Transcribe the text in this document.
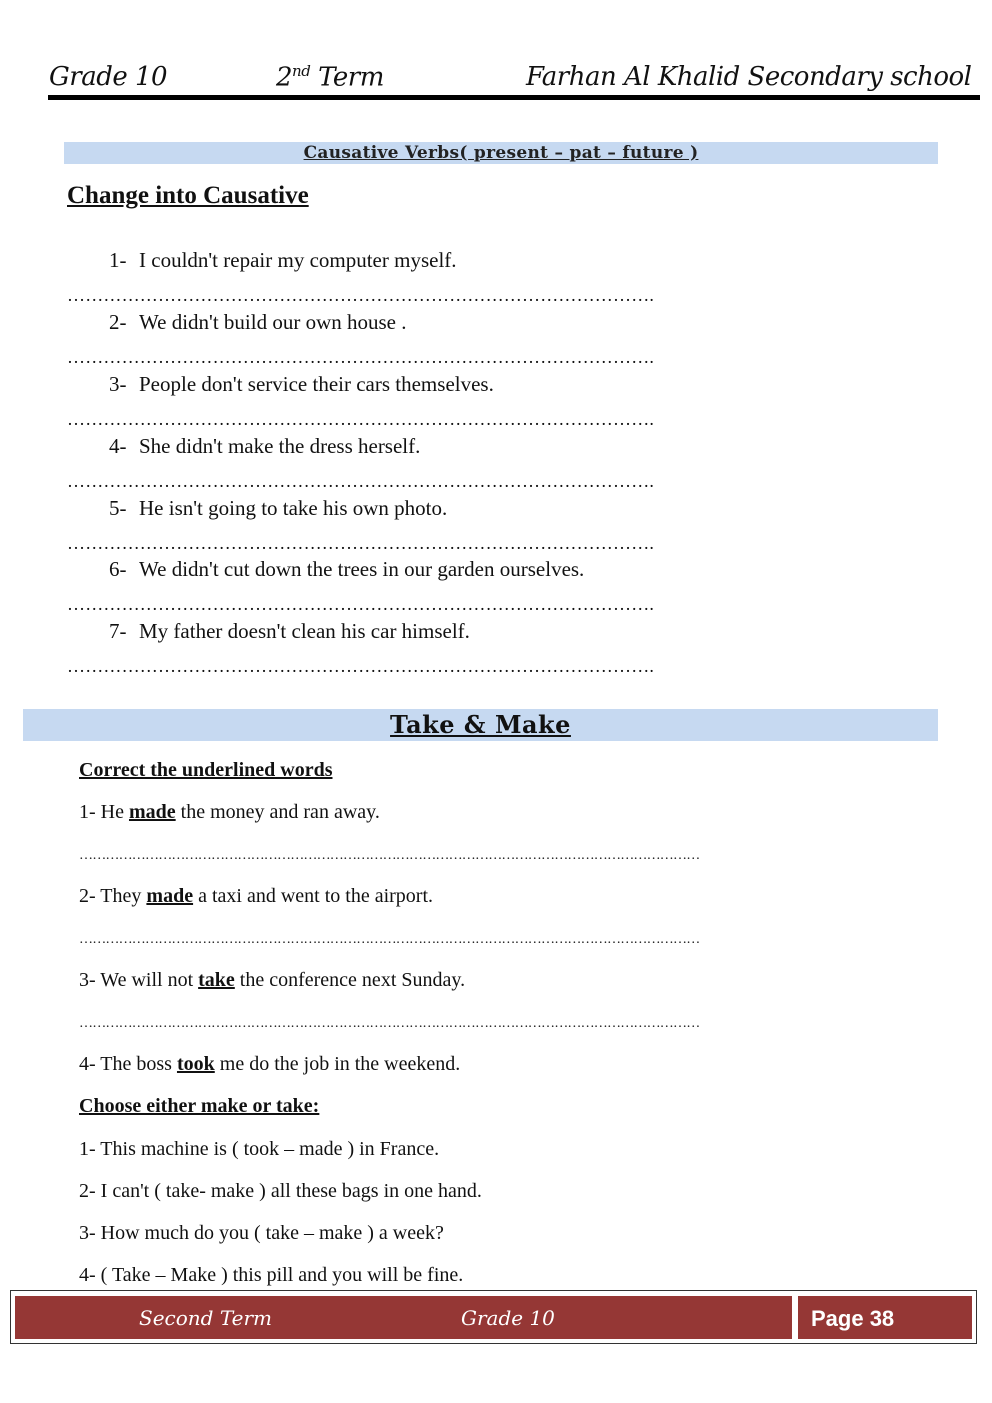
Grade 10	2nd Term	Farhan Al Khalid Secondary school
Causative Verbs( present – pat – future )
Change into Causative
1- I couldn't repair my computer myself.
…………………………………………………………………………………….
2- We didn't build our own house .
…………………………………………………………………………………….
3- People don't service their cars themselves.
…………………………………………………………………………………….
4- She didn't make the dress herself.
…………………………………………………………………………………….
5- He isn't going to take his own photo.
…………………………………………………………………………………….
6- We didn't cut down the trees in our garden ourselves.
…………………………………………………………………………………….
7- My father doesn't clean his car himself.
…………………………………………………………………………………….
Take & Make
Correct the underlined words
1- He made the money and ran away.
……………………………………………………………………………………………………………………………
2- They made a taxi and went to the airport.
……………………………………………………………………………………………………………………………
3- We will not take the conference next Sunday.
……………………………………………………………………………………………………………………………
4- The boss took me do the job in the weekend.
Choose either make or take:
1- This machine is ( took – made ) in France.
2- I can't ( take- make ) all these bags in one hand.
3- How much do you ( take – make ) a week?
4- ( Take – Make ) this pill and you will be fine.
Second Term	Grade 10	Page 38
